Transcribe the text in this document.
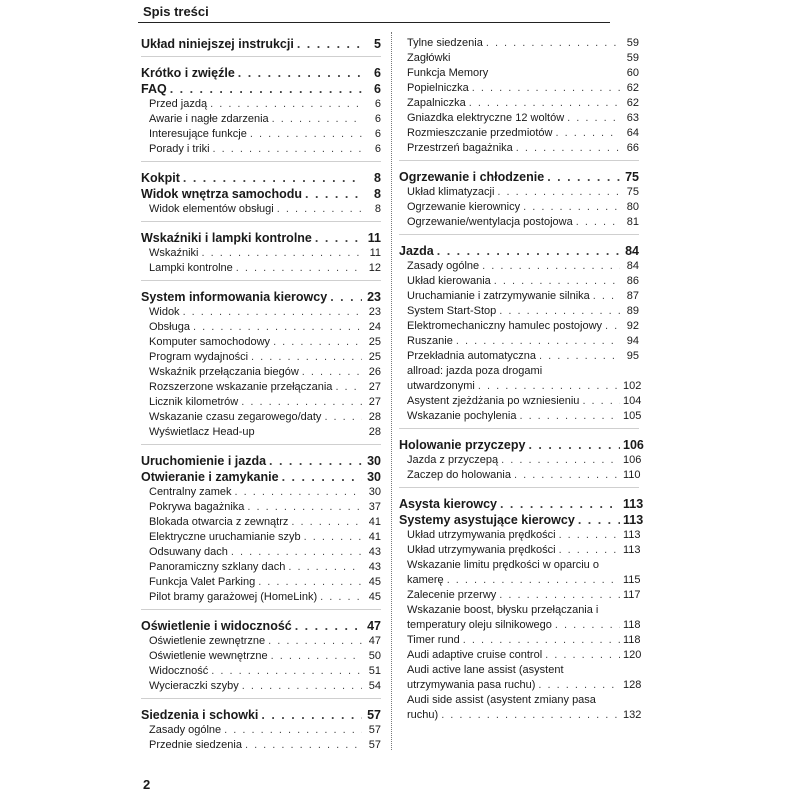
Spis treści
Układ niniejszej instrukcji . . .	5
Krótko i zwięźle . . .	6
FAQ . . .	6
Przed jazdą . . .	6
Awarie i nagłe zdarzenia . . .	6
Interesujące funkcje . . .	6
Porady i triki . . .	6
Kokpit . . .	8
Widok wnętrza samochodu . . .	8
Widok elementów obsługi . . .	8
Wskaźniki i lampki kontrolne . . .	11
Wskaźniki . . .	11
Lampki kontrolne . . .	12
System informowania kierowcy . . .	23
Widok . . .	23
Obsługa . . .	24
Komputer samochodowy . . .	25
Program wydajności . . .	25
Wskaźnik przełączania biegów . . .	26
Rozszerzone wskazanie przełączania . . .	27
Licznik kilometrów . . .	27
Wskazanie czasu zegarowego/daty . . .	28
Wyświetlacz Head-up	28
Uruchomienie i jazda . . .	30
Otwieranie i zamykanie . . .	30
Centralny zamek . . .	30
Pokrywa bagażnika . . .	37
Blokada otwarcia z zewnątrz . . .	41
Elektryczne uruchamianie szyb . . .	41
Odsuwany dach . . .	43
Panoramiczny szklany dach . . .	43
Funkcja Valet Parking . . .	45
Pilot bramy garażowej (HomeLink) . . .	45
Oświetlenie i widoczność . . .	47
Oświetlenie zewnętrzne . . .	47
Oświetlenie wewnętrzne . . .	50
Widoczność . . .	51
Wycieraczki szyby . . .	54
Siedzenia i schowki . . .	57
Zasady ogólne . . .	57
Przednie siedzenia . . .	57
Tylne siedzenia . . .	59
Zagłówki	59
Funkcja Memory	60
Popielniczka . . .	62
Zapalniczka . . .	62
Gniazdka elektryczne 12 woltów . . .	63
Rozmieszczanie przedmiotów . . .	64
Przestrzeń bagażnika . . .	66
Ogrzewanie i chłodzenie . . .	75
Układ klimatyzacji . . .	75
Ogrzewanie kierownicy . . .	80
Ogrzewanie/wentylacja postojowa . . .	81
Jazda . . .	84
Zasady ogólne . . .	84
Układ kierowania . . .	86
Uruchamianie i zatrzymywanie silnika . . .	87
System Start-Stop . . .	89
Elektromechaniczny hamulec postojowy . . .	92
Ruszanie . . .	94
Przekładnia automatyczna . . .	95
allroad: jazda poza drogami
utwardzonymi . . .	102
Asystent zjeżdżania po wzniesieniu . . .	104
Wskazanie pochylenia . . .	105
Holowanie przyczepy . . .	106
Jazda z przyczepą . . .	106
Zaczep do holowania . . .	110
Asysta kierowcy . . .	113
Systemy asystujące kierowcy . . .	113
Układ utrzymywania prędkości . . .	113
Układ utrzymywania prędkości . . .	113
Wskazanie limitu prędkości w oparciu o
kamerę . . .	115
Zalecenie przerwy . . .	117
Wskazanie boost, błysku przełączania i
temperatury oleju silnikowego . . .	118
Timer rund . . .	118
Audi adaptive cruise control . . .	120
Audi active lane assist (asystent
utrzymywania pasa ruchu) . . .	128
Audi side assist (asystent zmiany pasa
ruchu) . . .	132
2
